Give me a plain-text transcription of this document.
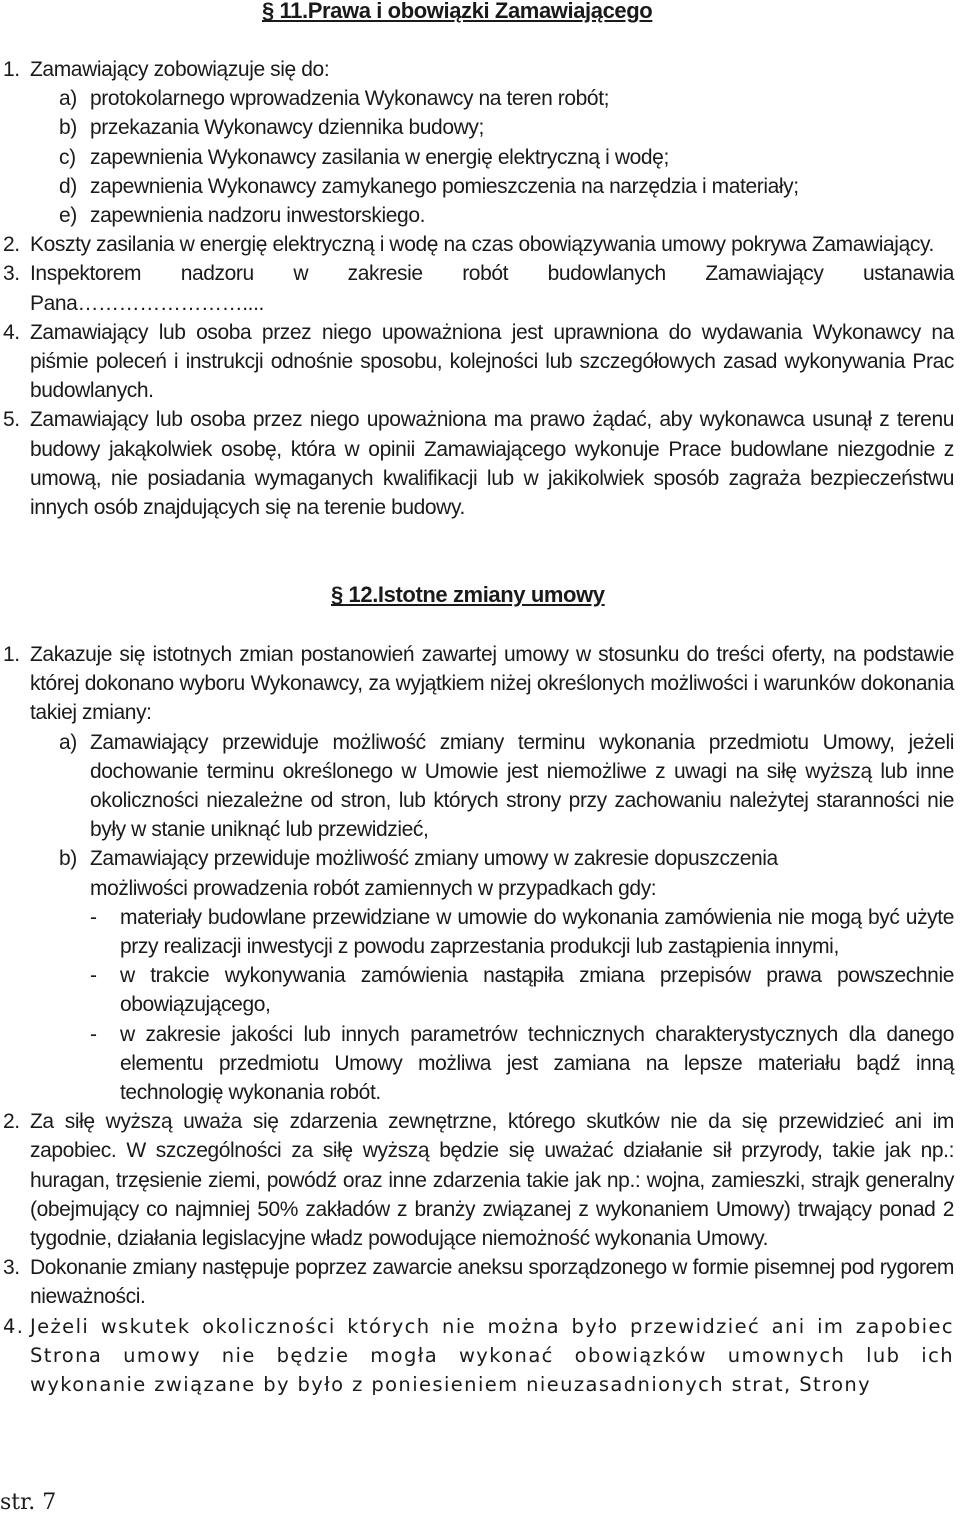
§ 11.Prawa i obowiązki Zamawiającego
1. Zamawiający zobowiązuje się do:
a) protokolarnego wprowadzenia Wykonawcy na teren robót;
b) przekazania Wykonawcy dziennika budowy;
c) zapewnienia Wykonawcy zasilania w energię elektryczną i wodę;
d) zapewnienia Wykonawcy zamykanego pomieszczenia na narzędzia i materiały;
e) zapewnienia nadzoru inwestorskiego.
2. Koszty zasilania w energię elektryczną i wodę na czas obowiązywania umowy pokrywa Zamawiający.
3. Inspektorem nadzoru w zakresie robót budowlanych Zamawiający ustanawia Pana……………………....
4. Zamawiający lub osoba przez niego upoważniona jest uprawniona do wydawania Wykonawcy na piśmie poleceń i instrukcji odnośnie sposobu, kolejności lub szczegółowych zasad wykonywania Prac budowlanych.
5. Zamawiający lub osoba przez niego upoważniona ma prawo żądać, aby wykonawca usunął z terenu budowy jakąkolwiek osobę, która w opinii Zamawiającego wykonuje Prace budowlane niezgodnie z umową, nie posiadania wymaganych kwalifikacji lub w jakikolwiek sposób zagraża bezpieczeństwu innych osób znajdujących się na terenie budowy.
§ 12.Istotne zmiany umowy
1. Zakazuje się istotnych zmian postanowień zawartej umowy w stosunku do treści oferty, na podstawie której dokonano wyboru Wykonawcy, za wyjątkiem niżej określonych możliwości i warunków dokonania takiej zmiany:
a) Zamawiający przewiduje możliwość zmiany terminu wykonania przedmiotu Umowy, jeżeli dochowanie terminu określonego w Umowie jest niemożliwe z uwagi na siłę wyższą lub inne okoliczności niezależne od stron, lub których strony przy zachowaniu należytej staranności nie były w stanie uniknąć lub przewidzieć,
b) Zamawiający przewiduje możliwość zmiany umowy w zakresie dopuszczenia
możliwości prowadzenia robót zamiennych w przypadkach gdy:
- materiały budowlane przewidziane w umowie do wykonania zamówienia nie mogą być użyte przy realizacji inwestycji z powodu zaprzestania produkcji lub zastąpienia innymi,
- w trakcie wykonywania zamówienia nastąpiła zmiana przepisów prawa powszechnie obowiązującego,
- w zakresie jakości lub innych parametrów technicznych charakterystycznych dla danego elementu przedmiotu Umowy możliwa jest zamiana na lepsze materiału bądź inną technologię wykonania robót.
2. Za siłę wyższą uważa się zdarzenia zewnętrzne, którego skutków nie da się przewidzieć ani im zapobiec. W szczególności za siłę wyższą będzie się uważać działanie sił przyrody, takie jak np.: huragan, trzęsienie ziemi, powódź oraz inne zdarzenia takie jak np.: wojna, zamieszki, strajk generalny (obejmujący co najmniej 50% zakładów z branży związanej z wykonaniem Umowy) trwający ponad 2 tygodnie, działania legislacyjne władz powodujące niemożność wykonania Umowy.
3. Dokonanie zmiany następuje poprzez zawarcie aneksu sporządzonego w formie pisemnej pod rygorem nieważności.
4. Jeżeli wskutek okoliczności których nie można było przewidzieć ani im zapobiec Strona umowy nie będzie mogła wykonać obowiązków umownych lub ich wykonanie związane by było z poniesieniem nieuzasadnionych strat, Strony
str. 7
